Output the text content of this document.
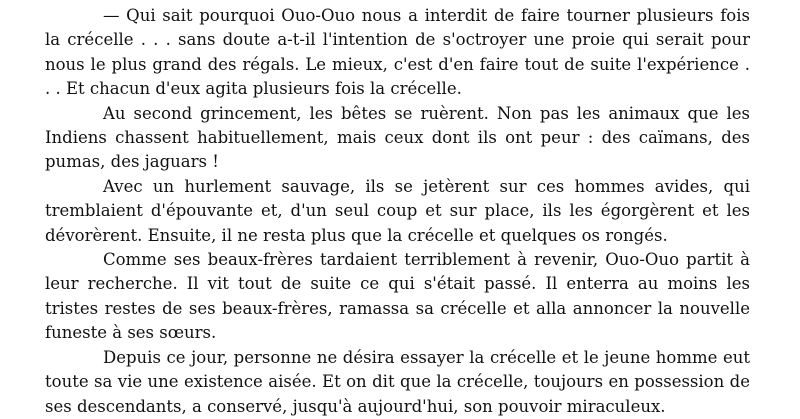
— Qui sait pourquoi Ouo-Ouo nous a interdit de faire tourner plusieurs fois la crécelle . . . sans doute a-t-il l'intention de s'octroyer une proie qui serait pour nous le plus grand des régals. Le mieux, c'est d'en faire tout de suite l'expérience . . . Et chacun d'eux agita plusieurs fois la crécelle.

Au second grincement, les bêtes se ruèrent. Non pas les animaux que les Indiens chassent habituellement, mais ceux dont ils ont peur : des caïmans, des pumas, des jaguars !

Avec un hurlement sauvage, ils se jetèrent sur ces hommes avides, qui tremblaient d'épouvante et, d'un seul coup et sur place, ils les égorgèrent et les dévorèrent. Ensuite, il ne resta plus que la crécelle et quelques os rongés.

Comme ses beaux-frères tardaient terriblement à revenir, Ouo-Ouo partit à leur recherche. Il vit tout de suite ce qui s'était passé. Il enterra au moins les tristes restes de ses beaux-frères, ramassa sa crécelle et alla annoncer la nouvelle funeste à ses sœurs.

Depuis ce jour, personne ne désira essayer la crécelle et le jeune homme eut toute sa vie une existence aisée. Et on dit que la crécelle, toujours en possession de ses descendants, a conservé, jusqu'à aujourd'hui, son pouvoir miraculeux.
